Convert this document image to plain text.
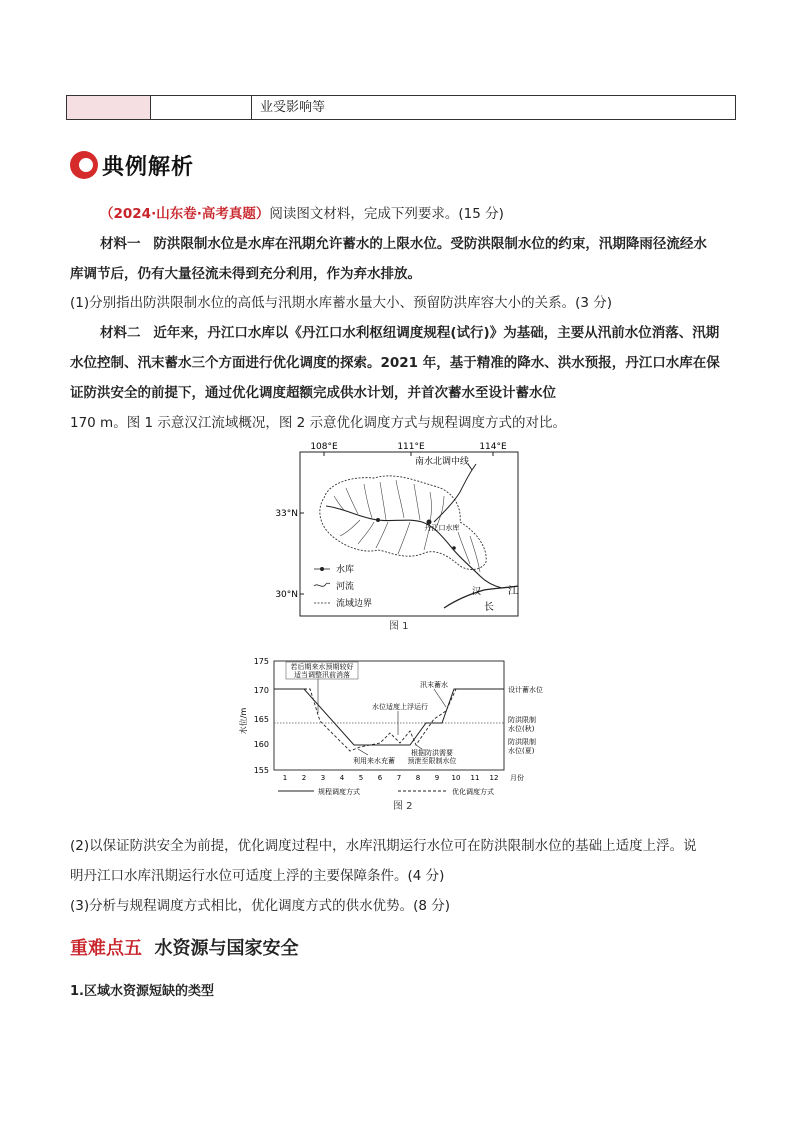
业受影响等
典例解析
（2024·山东卷·高考真题）阅读图文材料，完成下列要求。(15 分)
材料一 防洪限制水位是水库在汛期允许蓄水的上限水位。受防洪限制水位的约束，汛期降雨径流经水
库调节后，仍有大量径流未得到充分利用，作为弃水排放。
(1)分别指出防洪限制水位的高低与汛期水库蓄水量大小、预留防洪库容大小的关系。(3 分)
材料二 近年来，丹江口水库以《丹江口水利枢纽调度规程(试行)》为基础，主要从汛前水位消落、汛期
水位控制、汛末蓄水三个方面进行优化调度的探索。2021 年，基于精准的降水、洪水预报，丹江口水库在保
证防洪安全的前提下，通过优化调度超额完成供水计划，并首次蓄水至设计蓄水位
170 m。图 1 示意汉江流域概况，图 2 示意优化调度方式与规程调度方式的对比。
108°E	111°E	114°E
33°N
30°N
南水北调中线
丹江口水库
汉	江
长
水库
河流
流域边界
图 1
水位/m
175
170
165
160
155
若后期来水预期较好
适当调整汛前消落
汛末蓄水
水位适度上浮运行
利用来水充蓄
根据防洪需要
预泄至限制水位
设计蓄水位
防洪限制
水位(秋)
防洪限制
水位(夏)
1 2 3 4 5 6 7 8 9 10 11 12 月份
规程调度方式	优化调度方式
图 2
(2)以保证防洪安全为前提，优化调度过程中，水库汛期运行水位可在防洪限制水位的基础上适度上浮。说
明丹江口水库汛期运行水位可适度上浮的主要保障条件。(4 分)
(3)分析与规程调度方式相比，优化调度方式的供水优势。(8 分)
重难点五 水资源与国家安全
1.区域水资源短缺的类型
